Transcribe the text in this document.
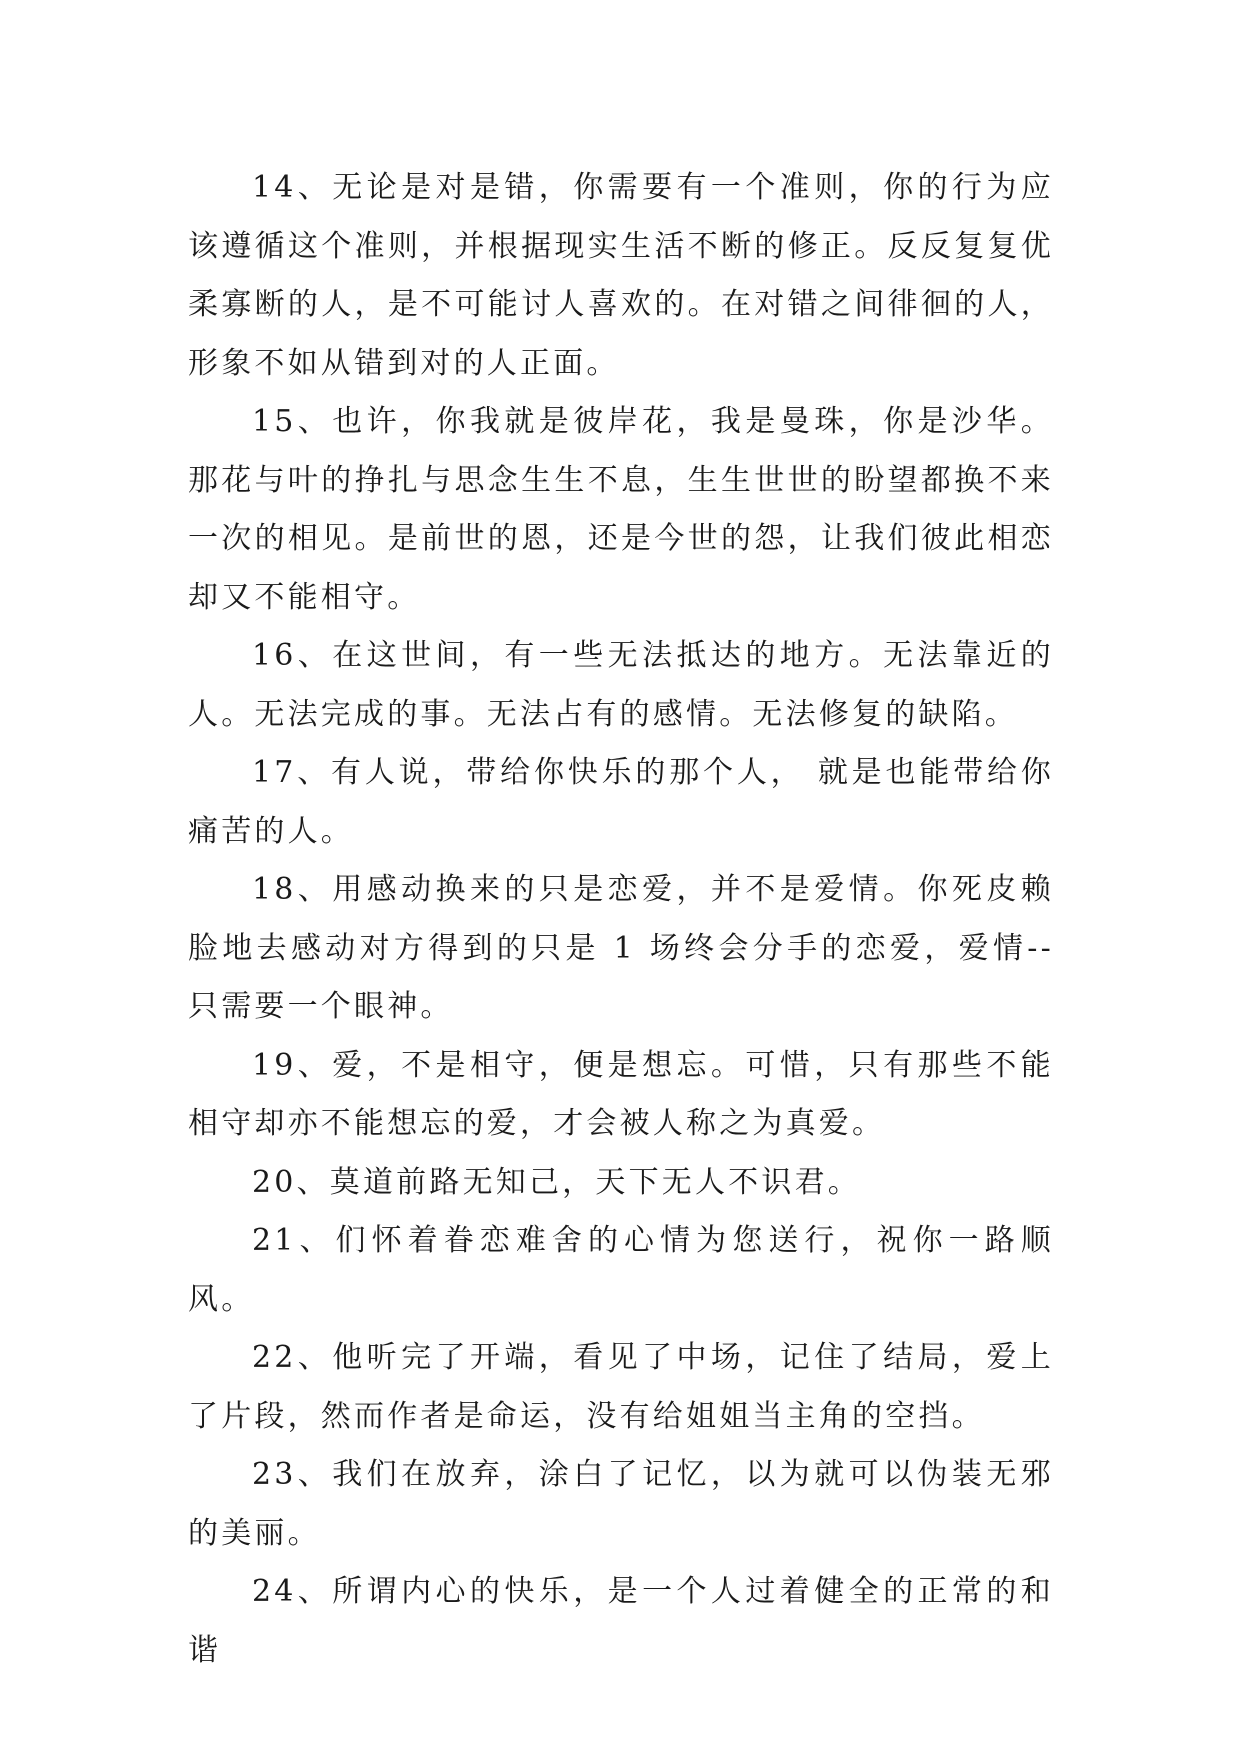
14、无论是对是错，你需要有一个准则，你的行为应该遵循这个准则，并根据现实生活不断的修正。反反复复优柔寡断的人，是不可能讨人喜欢的。在对错之间徘徊的人，形象不如从错到对的人正面。

15、也许，你我就是彼岸花，我是曼珠，你是沙华。那花与叶的挣扎与思念生生不息，生生世世的盼望都换不来一次的相见。是前世的恩，还是今世的怨，让我们彼此相恋却又不能相守。

16、在这世间，有一些无法抵达的地方。无法靠近的人。无法完成的事。无法占有的感情。无法修复的缺陷。

17、有人说，带给你快乐的那个人， 就是也能带给你痛苦的人。

18、用感动换来的只是恋爱，并不是爱情。你死皮赖脸地去感动对方得到的只是 1 场终会分手的恋爱，爱情--只需要一个眼神。

19、爱，不是相守，便是想忘。可惜，只有那些不能相守却亦不能想忘的爱，才会被人称之为真爱。

20、莫道前路无知己，天下无人不识君。

21、们怀着眷恋难舍的心情为您送行，祝你一路顺风。

22、他听完了开端，看见了中场，记住了结局，爱上了片段，然而作者是命运，没有给姐姐当主角的空挡。

23、我们在放弃，涂白了记忆，以为就可以伪装无邪的美丽。

24、所谓内心的快乐，是一个人过着健全的正常的和谐
